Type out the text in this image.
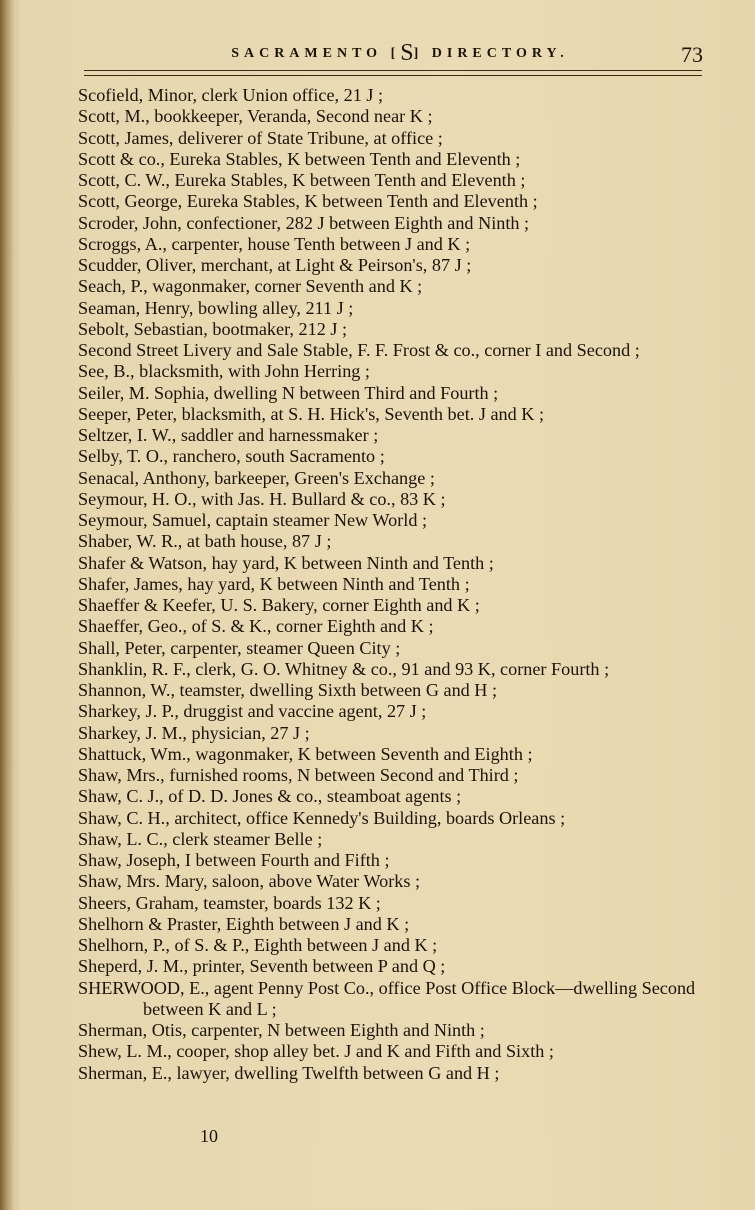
SACRAMENTO [S] DIRECTORY.	73

Scofield, Minor, clerk Union office, 21 J ;

Scott, M., bookkeeper, Veranda, Second near K ;

Scott, James, deliverer of State Tribune, at office ;

Scott & co., Eureka Stables, K between Tenth and Eleventh ;

Scott, C. W., Eureka Stables, K between Tenth and Eleventh ;

Scott, George, Eureka Stables, K between Tenth and Eleventh ;

Scroder, John, confectioner, 282 J between Eighth and Ninth ;

Scroggs, A., carpenter, house Tenth between J and K ;

Scudder, Oliver, merchant, at Light & Peirson's, 87 J ;

Seach, P., wagonmaker, corner Seventh and K ;

Seaman, Henry, bowling alley, 211 J ;

Sebolt, Sebastian, bootmaker, 212 J ;

Second Street Livery and Sale Stable, F. F. Frost & co., corner I and Second ;

See, B., blacksmith, with John Herring ;

Seiler, M. Sophia, dwelling N between Third and Fourth ;

Seeper, Peter, blacksmith, at S. H. Hick's, Seventh bet. J and K ;

Seltzer, I. W., saddler and harnessmaker ;

Selby, T. O., ranchero, south Sacramento ;

Senacal, Anthony, barkeeper, Green's Exchange ;

Seymour, H. O., with Jas. H. Bullard & co., 83 K ;

Seymour, Samuel, captain steamer New World ;

Shaber, W. R., at bath house, 87 J ;

Shafer & Watson, hay yard, K between Ninth and Tenth ;

Shafer, James, hay yard, K between Ninth and Tenth ;

Shaeffer & Keefer, U. S. Bakery, corner Eighth and K ;

Shaeffer, Geo., of S. & K., corner Eighth and K ;

Shall, Peter, carpenter, steamer Queen City ;

Shanklin, R. F., clerk, G. O. Whitney & co., 91 and 93 K, corner Fourth ;

Shannon, W., teamster, dwelling Sixth between G and H ;

Sharkey, J. P., druggist and vaccine agent, 27 J ;

Sharkey, J. M., physician, 27 J ;

Shattuck, Wm., wagonmaker, K between Seventh and Eighth ;

Shaw, Mrs., furnished rooms, N between Second and Third ;

Shaw, C. J., of D. D. Jones & co., steamboat agents ;

Shaw, C. H., architect, office Kennedy's Building, boards Orleans ;

Shaw, L. C., clerk steamer Belle ;

Shaw, Joseph, I between Fourth and Fifth ;

Shaw, Mrs. Mary, saloon, above Water Works ;

Sheers, Graham, teamster, boards 132 K ;

Shelhorn & Praster, Eighth between J and K ;

Shelhorn, P., of S. & P., Eighth between J and K ;

Sheperd, J. M., printer, Seventh between P and Q ;

SHERWOOD, E., agent Penny Post Co., office Post Office Block—dwelling Second between K and L ;

Sherman, Otis, carpenter, N between Eighth and Ninth ;

Shew, L. M., cooper, shop alley bet. J and K and Fifth and Sixth ;

Sherman, E., lawyer, dwelling Twelfth between G and H ;

10
